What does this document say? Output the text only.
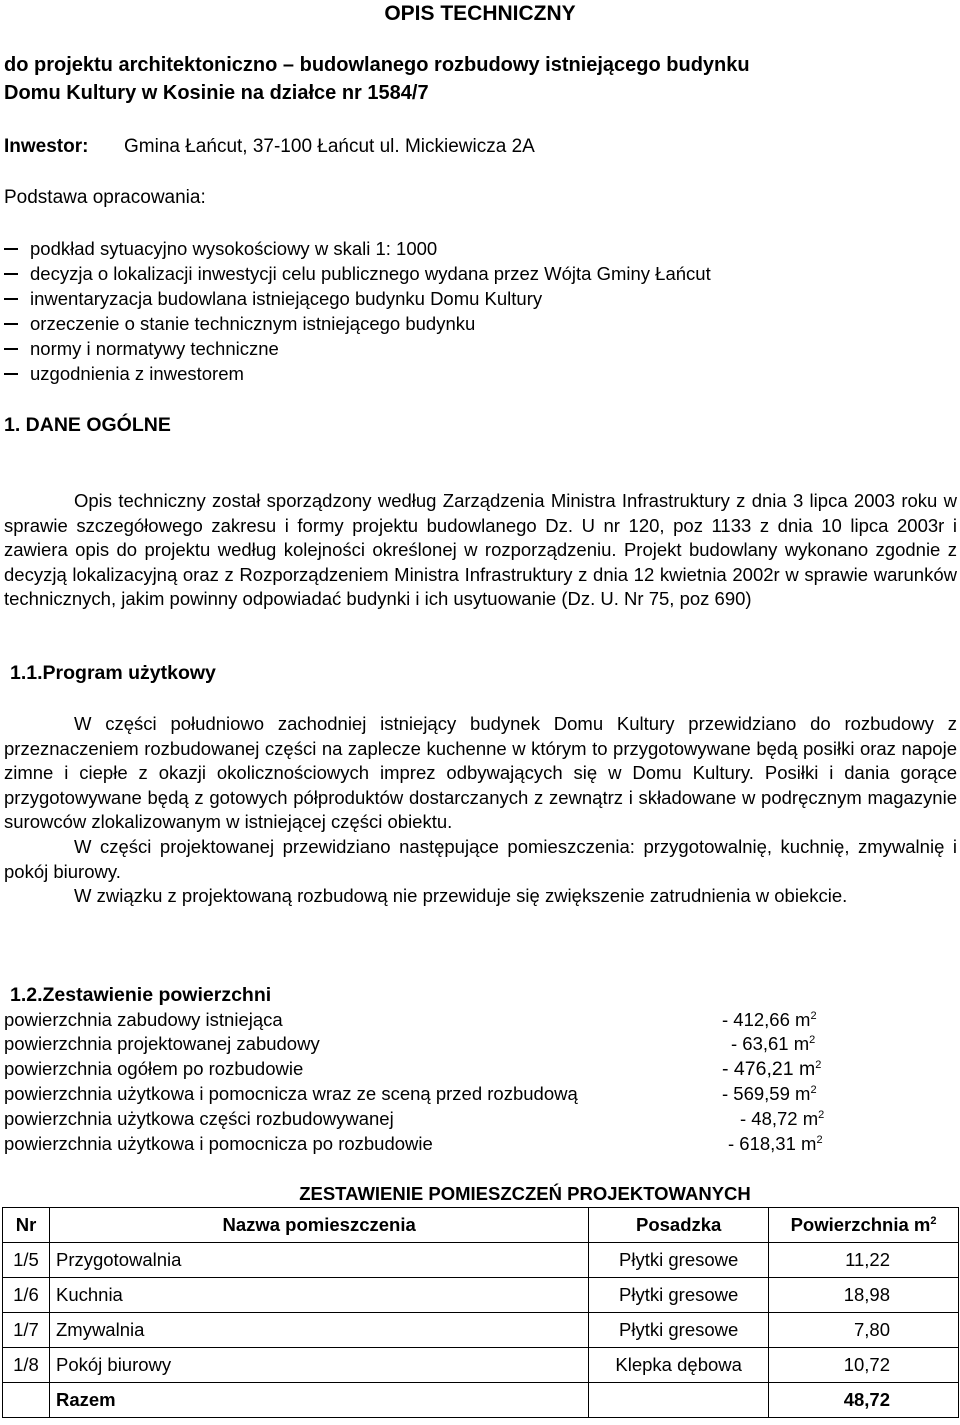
OPIS TECHNICZNY
do projektu architektoniczno – budowlanego rozbudowy istniejącego budynku
Domu Kultury w Kosinie na działce nr 1584/7
Inwestor: Gmina Łańcut, 37-100 Łańcut ul. Mickiewicza 2A
Podstawa opracowania:
podkład sytuacyjno wysokościowy w skali 1: 1000
decyzja o lokalizacji inwestycji celu publicznego wydana przez Wójta Gminy Łańcut
inwentaryzacja budowlana istniejącego budynku Domu Kultury
orzeczenie o stanie technicznym istniejącego budynku
normy i normatywy techniczne
uzgodnienia z inwestorem
1. DANE OGÓLNE

Opis techniczny został sporządzony według Zarządzenia Ministra Infrastruktury z dnia 3 lipca 2003 roku w sprawie szczegółowego zakresu i formy projektu budowlanego Dz. U nr 120, poz 1133 z dnia 10 lipca 2003r i zawiera opis do projektu według kolejności określonej w rozporządzeniu. Projekt budowlany wykonano zgodnie z decyzją lokalizacyjną oraz z Rozporządzeniem Ministra Infrastruktury z dnia 12 kwietnia 2002r w sprawie warunków technicznych, jakim powinny odpowiadać budynki i ich usytuowanie (Dz. U. Nr 75, poz 690)

1.1.Program użytkowy

W części południowo zachodniej istniejący budynek Domu Kultury przewidziano do rozbudowy z przeznaczeniem rozbudowanej części na zaplecze kuchenne w którym to przygotowywane będą posiłki oraz napoje zimne i ciepłe z okazji okolicznościowych imprez odbywających się w Domu Kultury. Posiłki i dania gorące przygotowywane będą z gotowych półproduktów dostarczanych z zewnątrz i składowane w podręcznym magazynie surowców zlokalizowanym w istniejącej części obiektu.

W części projektowanej przewidziano następujące pomieszczenia: przygotowalnię, kuchnię, zmywalnię i pokój biurowy.

W związku z projektowaną rozbudową nie przewiduje się zwiększenie zatrudnienia w obiekcie.

1.2.Zestawienie powierzchni
powierzchnia zabudowy istniejąca	- 412,66 $m^2$
powierzchnia projektowanej zabudowy	- 63,61 $m^2$
powierzchnia ogółem po rozbudowie	- 476,21 $m^2$
powierzchnia użytkowa i pomocnicza wraz ze sceną przed rozbudową	- 569,59 $m^2$
powierzchnia użytkowa części rozbudowywanej	- 48,72 $m^2$
powierzchnia użytkowa i pomocnicza po rozbudowie	- 618,31 $m^2$
ZESTAWIENIE POMIESZCZEŃ PROJEKTOWANYCH
Nr	Nazwa pomieszczenia	Posadzka	Powierzchnia $m^2$
1/5	Przygotowalnia	Płytki gresowe	11,22
1/6	Kuchnia	Płytki gresowe	18,98
1/7	Zmywalnia	Płytki gresowe	7,80
1/8	Pokój biurowy	Klepka dębowa	10,72
	Razem		48,72
